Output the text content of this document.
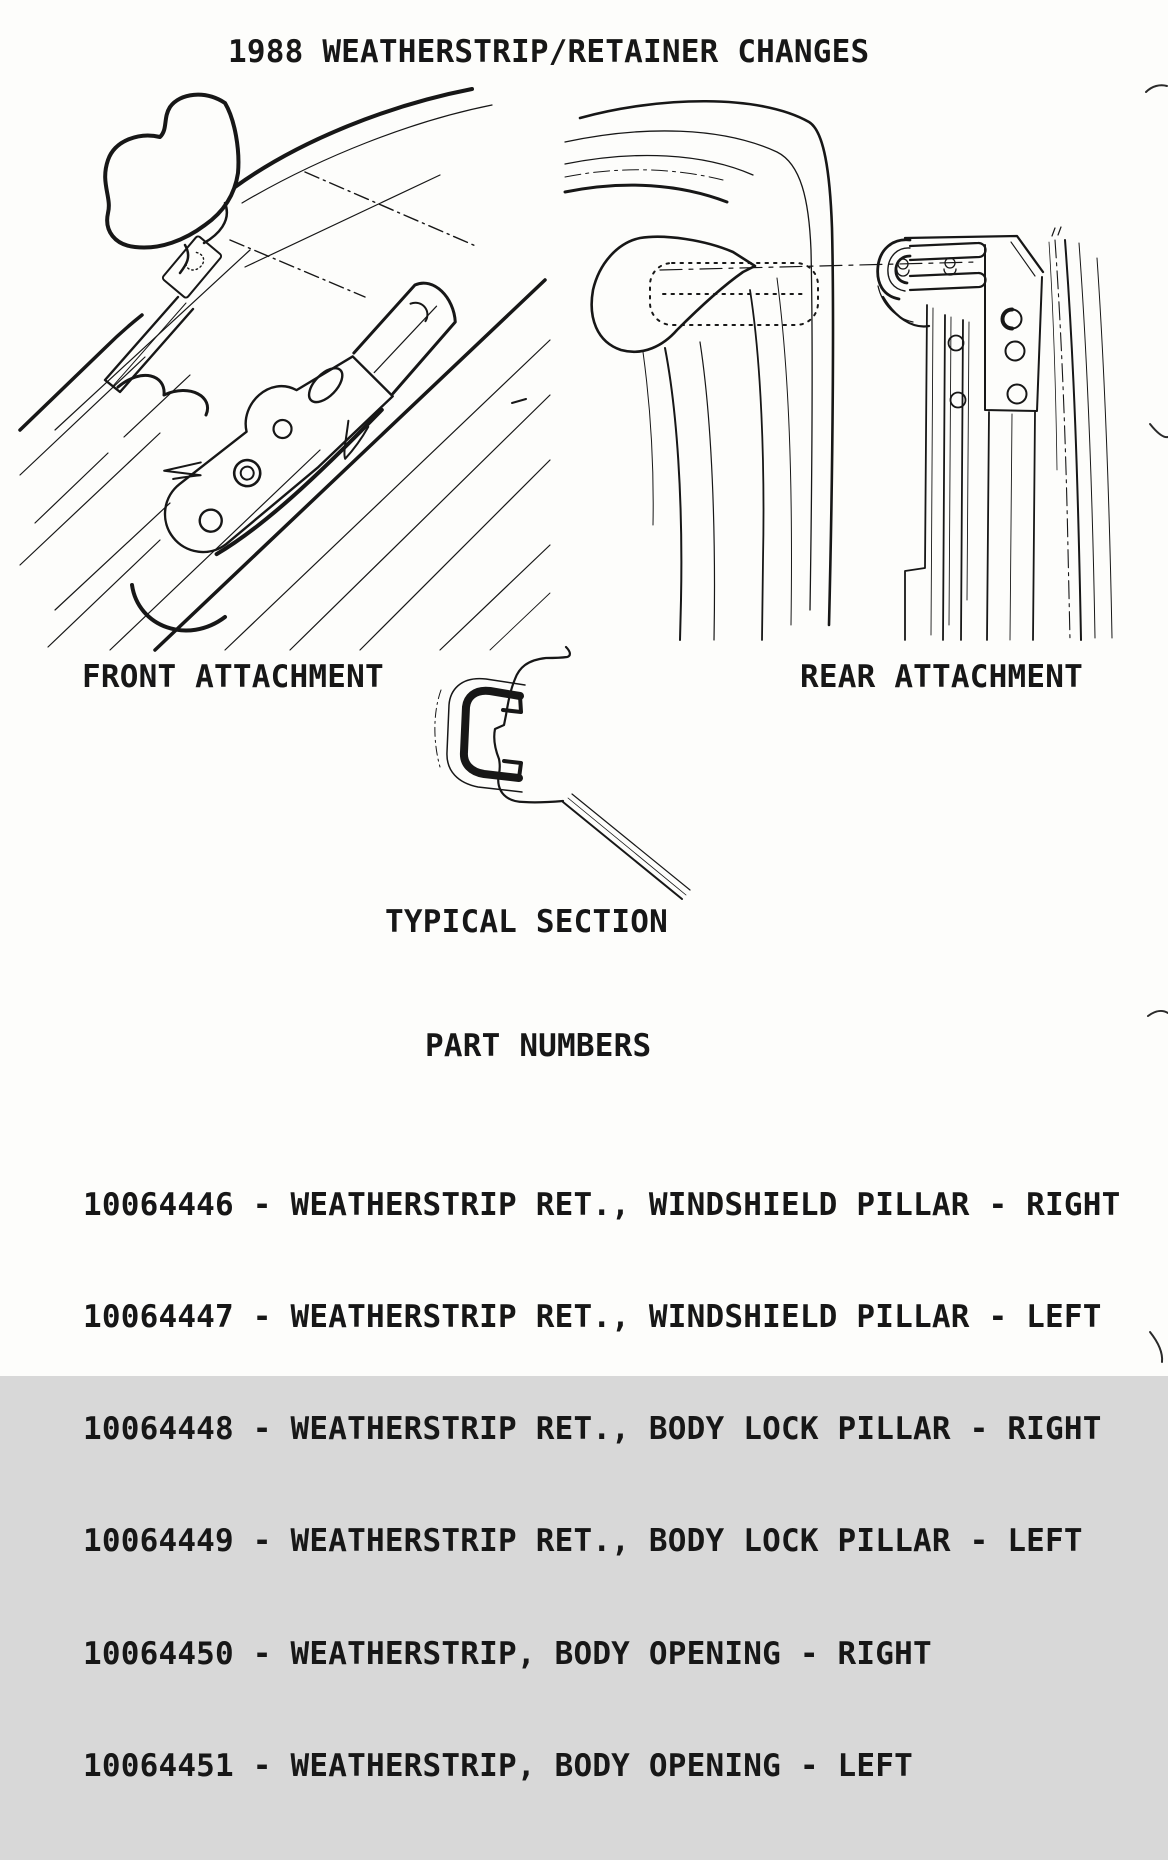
1988 WEATHERSTRIP/RETAINER CHANGES
FRONT ATTACHMENT	REAR ATTACHMENT
TYPICAL SECTION
PART NUMBERS

10064446 - WEATHERSTRIP RET., WINDSHIELD PILLAR - RIGHT

10064447 - WEATHERSTRIP RET., WINDSHIELD PILLAR - LEFT

10064448 - WEATHERSTRIP RET., BODY LOCK PILLAR - RIGHT

10064449 - WEATHERSTRIP RET., BODY LOCK PILLAR - LEFT

10064450 - WEATHERSTRIP, BODY OPENING - RIGHT

10064451 - WEATHERSTRIP, BODY OPENING - LEFT
